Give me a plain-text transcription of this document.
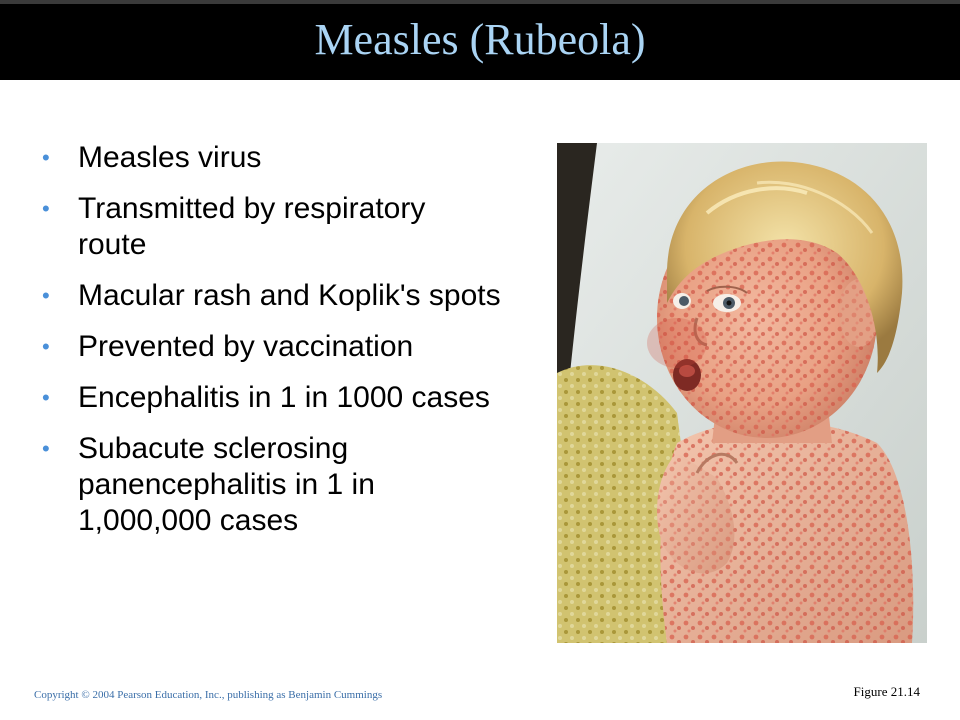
Measles (Rubeola)
• Measles virus
• Transmitted by respiratory route
• Macular rash and Koplik's spots
• Prevented by vaccination
• Encephalitis in 1 in 1000 cases
• Subacute sclerosing panencephalitis in 1 in 1,000,000 cases
Copyright © 2004 Pearson Education, Inc., publishing as Benjamin Cummings	Figure 21.14
